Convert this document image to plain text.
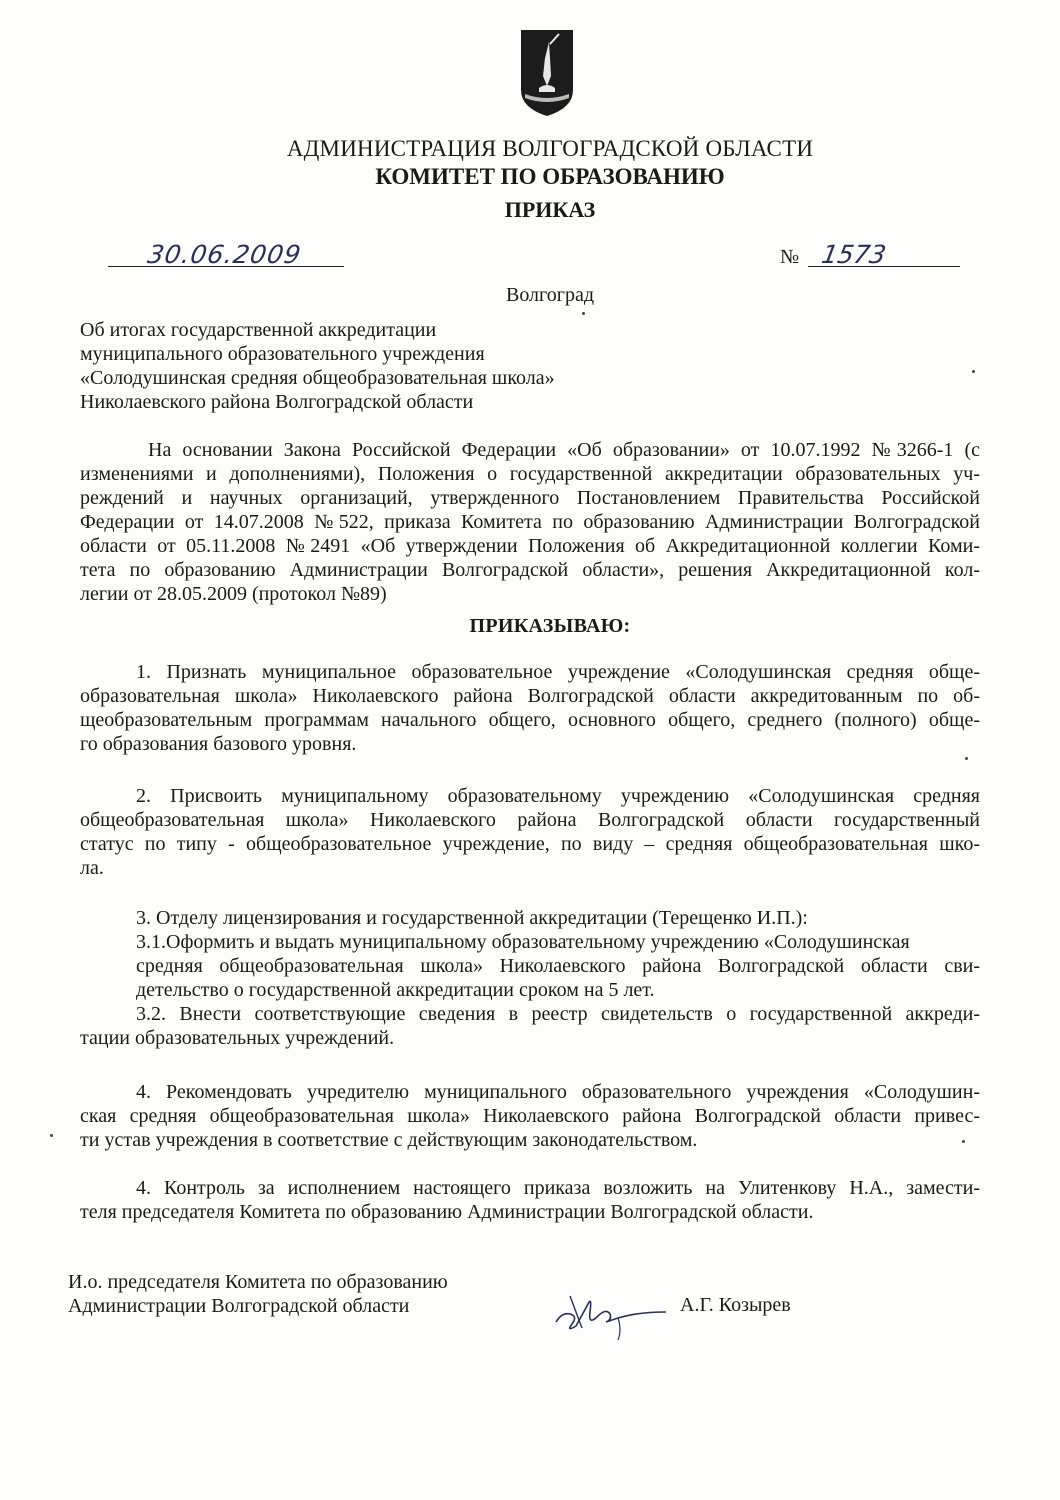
АДМИНИСТРАЦИЯ ВОЛГОГРАДСКОЙ ОБЛАСТИ
КОМИТЕТ ПО ОБРАЗОВАНИЮ
ПРИКАЗ
30.06.2009	№ 1573
Волгоград
Об итогах государственной аккредитации
муниципального образовательного учреждения
«Солодушинская средняя общеобразовательная школа»
Николаевского района Волгоградской области
На основании Закона Российской Федерации «Об образовании» от 10.07.1992 №3266-1 (с
изменениями и дополнениями), Положения о государственной аккредитации образовательных уч-
реждений и научных организаций, утвержденного Постановлением Правительства Российской
Федерации от 14.07.2008 №522, приказа Комитета по образованию Администрации Волгоградской
области от 05.11.2008 №2491 «Об утверждении Положения об Аккредитационной коллегии Коми-
тета по образованию Администрации Волгоградской области», решения Аккредитационной кол-
легии от 28.05.2009 (протокол №89)
ПРИКАЗЫВАЮ:
1. Признать муниципальное образовательное учреждение «Солодушинская средняя обще-
образовательная школа» Николаевского района Волгоградской области аккредитованным по об-
щеобразовательным программам начального общего, основного общего, среднего (полного) обще-
го образования базового уровня.
2. Присвоить муниципальному образовательному учреждению «Солодушинская средняя
общеобразовательная школа» Николаевского района Волгоградской области государственный
статус по типу - общеобразовательное учреждение, по виду – средняя общеобразовательная шко-
ла.
3. Отделу лицензирования и государственной аккредитации (Терещенко И.П.):
3.1.Оформить и выдать муниципальному образовательному учреждению «Солодушинская
средняя общеобразовательная школа» Николаевского района Волгоградской области сви-
детельство о государственной аккредитации сроком на 5 лет.
3.2. Внести соответствующие сведения в реестр свидетельств о государственной аккреди-
тации образовательных учреждений.
4. Рекомендовать учредителю муниципального образовательного учреждения «Солодушин-
ская средняя общеобразовательная школа» Николаевского района Волгоградской области привес-
ти устав учреждения в соответствие с действующим законодательством.
4. Контроль за исполнением настоящего приказа возложить на Улитенкову Н.А., замести-
теля председателя Комитета по образованию Администрации Волгоградской области.
И.о. председателя Комитета по образованию
Администрации Волгоградской области	А.Г. Козырев
